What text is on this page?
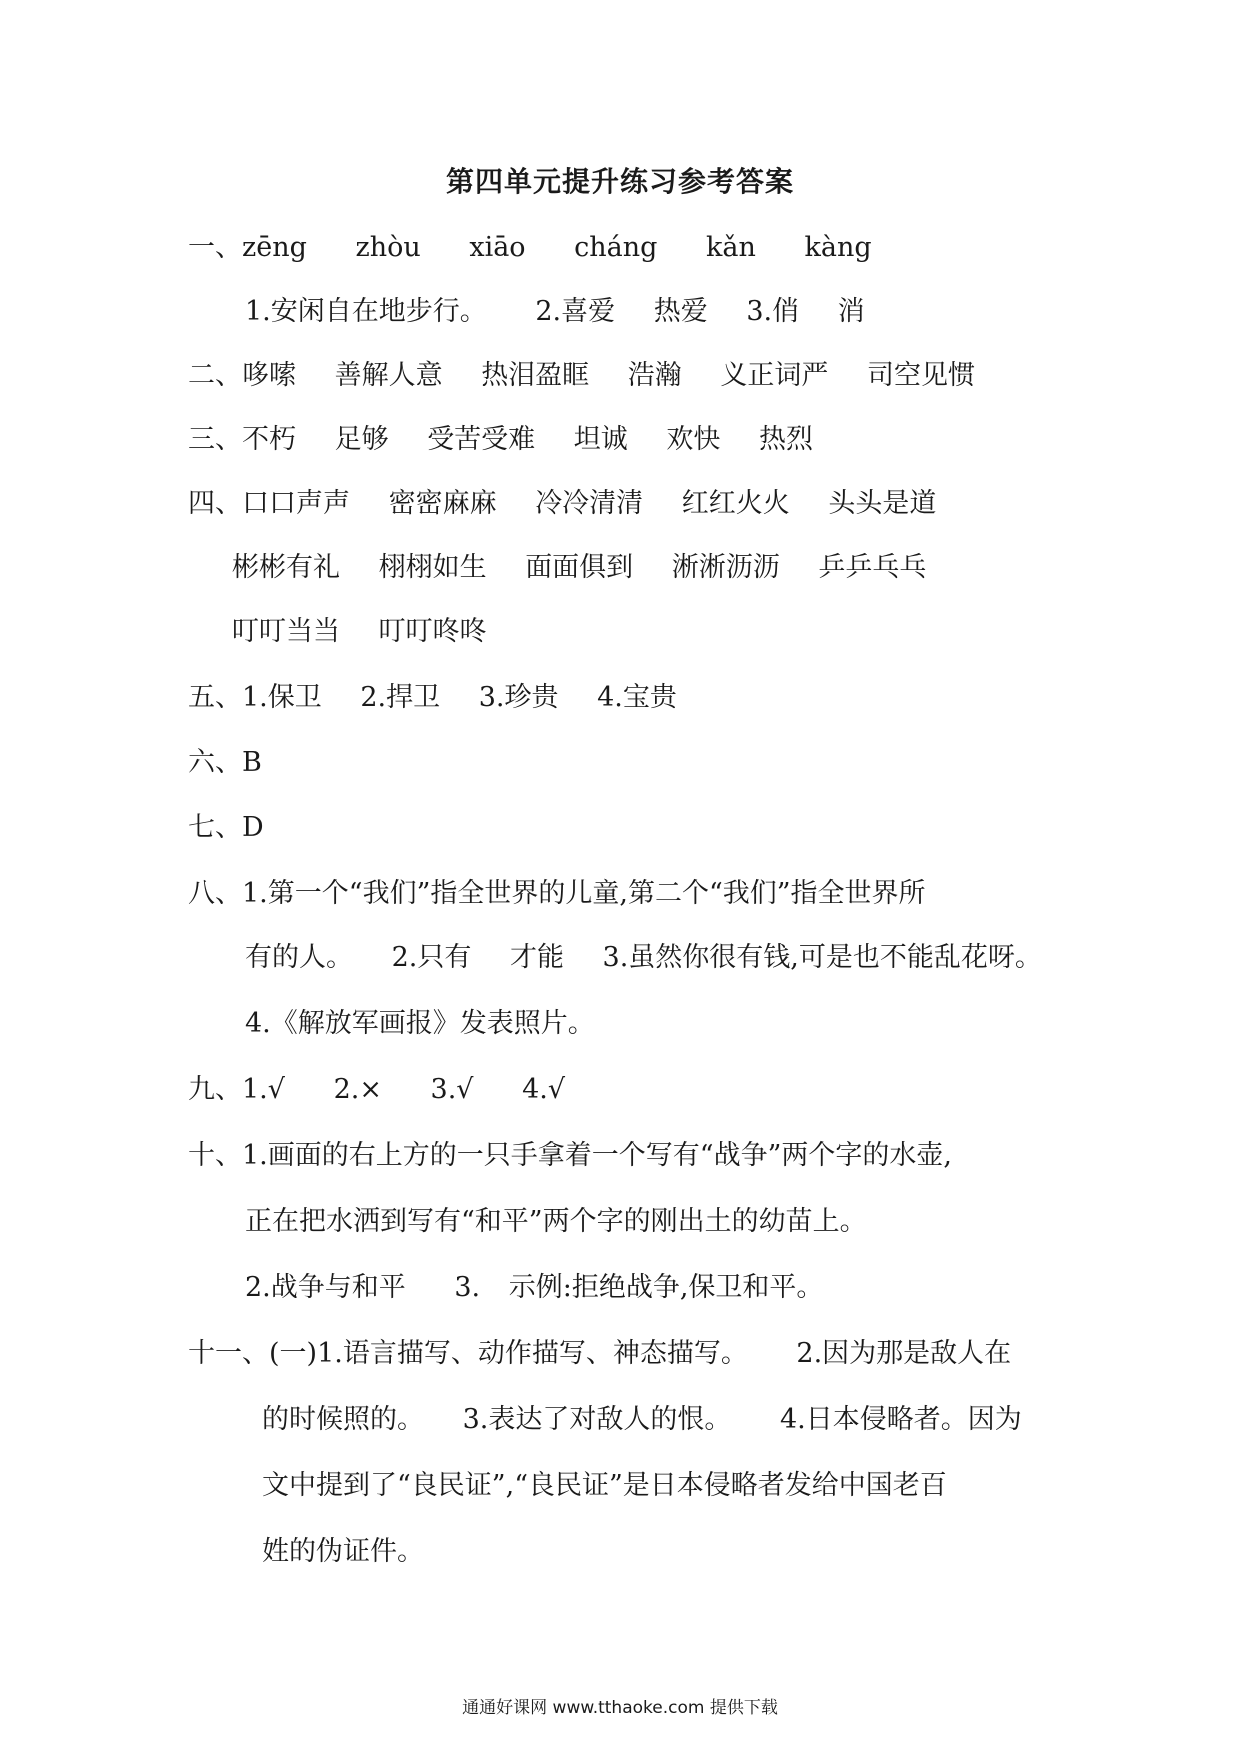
第四单元提升练习参考答案
一、zēng zhòu xiāo cháng kǎn kàng
1.安闲自在地步行。 2.喜爱 热爱 3.俏 消
二、哆嗦 善解人意 热泪盈眶 浩瀚 义正词严 司空见惯
三、不朽 足够 受苦受难 坦诚 欢快 热烈
四、口口声声 密密麻麻 冷冷清清 红红火火 头头是道
彬彬有礼 栩栩如生 面面俱到 淅淅沥沥 乒乒乓乓
叮叮当当 叮叮咚咚
五、1.保卫 2.捍卫 3.珍贵 4.宝贵
六、B
七、D
八、1.第一个“我们”指全世界的儿童,第二个“我们”指全世界所
有的人。 2.只有 才能 3.虽然你很有钱,可是也不能乱花呀。
4.《解放军画报》发表照片。
九、1.√ 2.× 3.√ 4.√
十、1.画面的右上方的一只手拿着一个写有“战争”两个字的水壶,
正在把水洒到写有“和平”两个字的刚出土的幼苗上。
2.战争与和平 3. 示例:拒绝战争,保卫和平。
十一、(一)1.语言描写、动作描写、神态描写。 2.因为那是敌人在
的时候照的。 3.表达了对敌人的恨。 4.日本侵略者。因为
文中提到了“良民证”,“良民证”是日本侵略者发给中国老百
姓的伪证件。
通通好课网 www.tthaoke.com 提供下载
